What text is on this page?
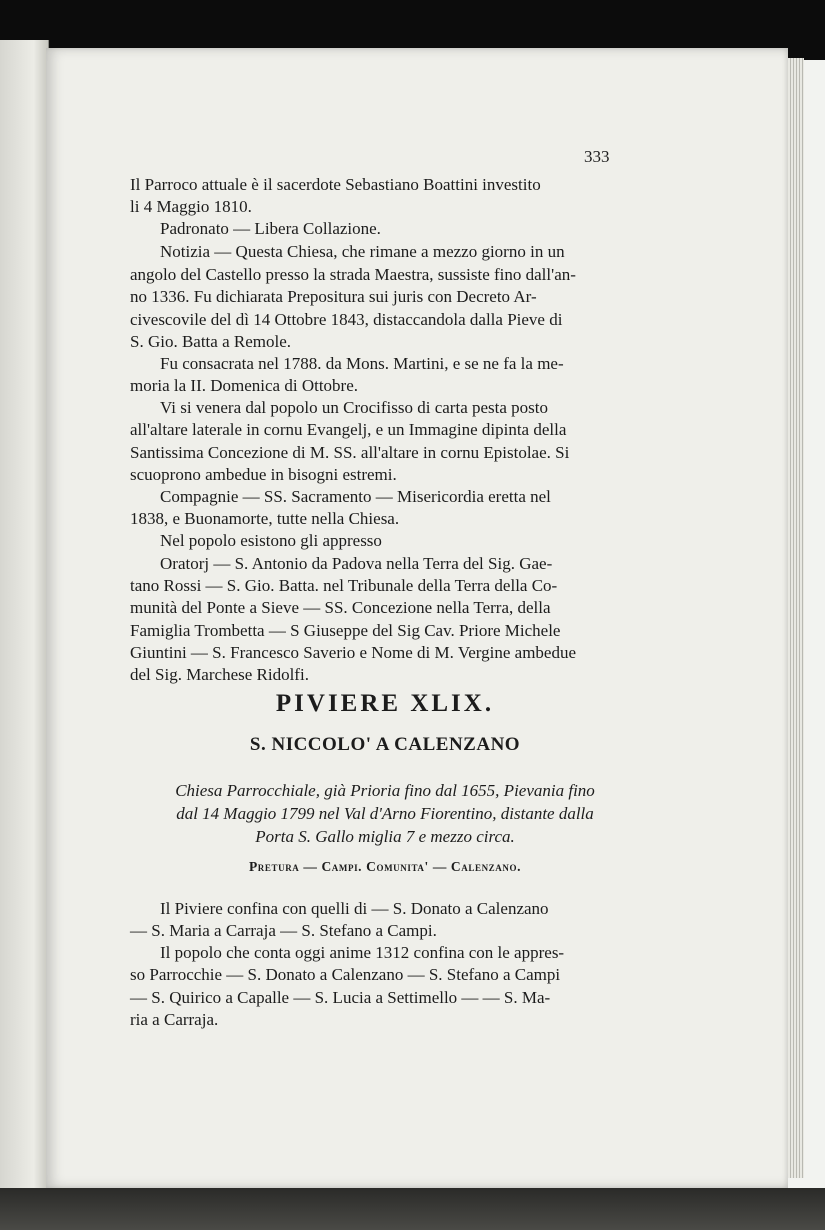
333
Il Parroco attuale è il sacerdote Sebastiano Boattini investito
li 4 Maggio 1810.
Padronato — Libera Collazione.
Notizia — Questa Chiesa, che rimane a mezzo giorno in un
angolo del Castello presso la strada Maestra, sussiste fino dall'an-
no 1336. Fu dichiarata Prepositura sui juris con Decreto Ar-
civescovile del dì 14 Ottobre 1843, distaccandola dalla Pieve di
S. Gio. Batta a Remole.
Fu consacrata nel 1788. da Mons. Martini, e se ne fa la me-
moria la II. Domenica di Ottobre.
Vi si venera dal popolo un Crocifisso di carta pesta posto
all'altare laterale in cornu Evangelj, e un Immagine dipinta della
Santissima Concezione di M. SS. all'altare in cornu Epistolae. Si
scuoprono ambedue in bisogni estremi.
Compagnie — SS. Sacramento — Misericordia eretta nel
1838, e Buonamorte, tutte nella Chiesa.
Nel popolo esistono gli appresso
Oratorj — S. Antonio da Padova nella Terra del Sig. Gae-
tano Rossi — S. Gio. Batta. nel Tribunale della Terra della Co-
munità del Ponte a Sieve — SS. Concezione nella Terra, della
Famiglia Trombetta — S Giuseppe del Sig Cav. Priore Michele
Giuntini — S. Francesco Saverio e Nome di M. Vergine ambedue
del Sig. Marchese Ridolfi.
PIVIERE XLIX.
S. NICCOLO' A CALENZANO
Chiesa Parrocchiale, già Prioria fino dal 1655, Pievania fino
dal 14 Maggio 1799 nel Val d'Arno Fiorentino, distante dalla
Porta S. Gallo miglia 7 e mezzo circa.
Pretura — Campi. Comunita' — Calenzano.
Il Piviere confina con quelli di — S. Donato a Calenzano
— S. Maria a Carraja — S. Stefano a Campi.
Il popolo che conta oggi anime 1312 confina con le appres-
so Parrocchie — S. Donato a Calenzano — S. Stefano a Campi
— S. Quirico a Capalle — S. Lucia a Settimello — — S. Ma-
ria a Carraja.
